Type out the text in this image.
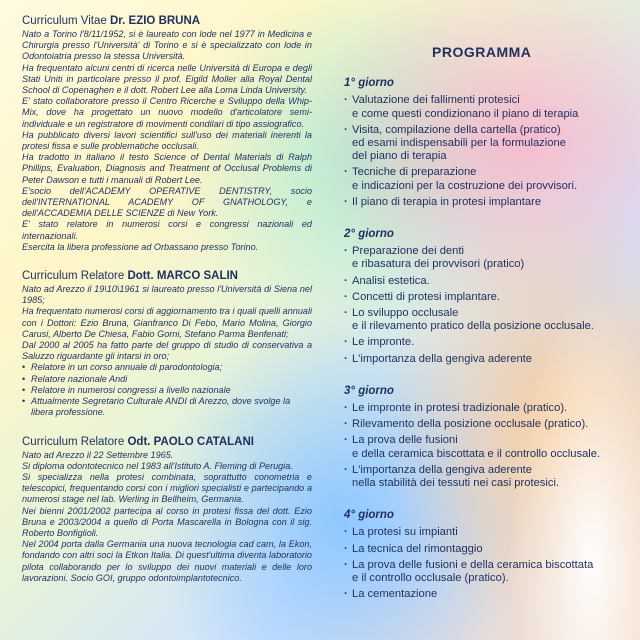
Curriculum Vitae Dr. EZIO BRUNA

Nato a Torino l'8/11/1952, si è laureato con lode nel 1977 in Medicina e Chirurgia presso l'Università' di Torino e si è specializzato con lode in Odontoiatria presso la stessa Università.

Ha frequentato alcuni centri di ricerca nelle Università di Europa e degli Stati Uniti in particolare presso il prof. Eigild Moller alla Royal Dental School di Copenaghen e il dott. Robert Lee alla Loma Linda University.

E' stato collaboratore presso il Centro Ricerche e Sviluppo della Whip-Mix, dove ha progettato un nuovo modello d'articolatore semi-individuale e un registratore di movimenti condilari di tipo assiografico.

Ha pubblicato diversi lavori scientifici sull'uso dei materiali inerenti la protesi fissa e sulle problematiche occlusali.

Ha tradotto in italiano il testo Science of Dental Materials di Ralph Phillips, Evaluation, Diagnosis and Treatment of Occlusal Problems di Peter Dawson e tutti i manuali di Robert Lee.

E'socio dell'ACADEMY OPERATIVE DENTISTRY, socio dell'INTERNATIONAL ACADEMY OF GNATHOLOGY, e dell'ACCADEMIA DELLE SCIENZE di New York.

E' stato relatore in numerosi corsi e congressi nazionali ed internazionali.

Esercita la libera professione ad Orbassano presso Torino.

Curriculum Relatore Dott. MARCO SALIN

Nato ad Arezzo il 19\10\1961 si laureato presso l'Università di Siena nel 1985;

Ha frequentato numerosi corsi di aggiornamento tra i quali quelli annuali con i Dottori: Ezio Bruna, Gianfranco Di Febo, Mario Molina, Giorgio Carusi, Alberto De Chiesa, Fabio Gorni, Stefano Parma Benfenati;

Dal 2000 al 2005 ha fatto parte del gruppo di studio di conservativa a Saluzzo riguardante gli intarsi in oro;

• Relatore in un corso annuale di parodontologia;
• Relatore nazionale Andi
• Relatore in numerosi congressi a livello nazionale
• Attualmente Segretario Culturale ANDI di Arezzo, dove svolge la libera professione.
Curriculum Relatore Odt. PAOLO CATALANI

Nato ad Arezzo il 22 Settembre 1965.

Si diploma odontotecnico nel 1983 all'Istituto A. Fleming di Perugia.

Si specializza nella protesi combinata, soprattutto conometria e telescopici, frequentando corsi con i migliori specialisti e partecipando a numerosi stage nel lab. Werling in Bellheim, Germania.

Nei bienni 2001/2002 partecipa al corso in protesi fissa del dott. Ezio Bruna e 2003/2004 a quello di Porta Mascarella in Bologna con il sig. Roberto Bonfiglioli.

Nel 2004 porta dalla Germania una nuova tecnologia cad cam, la Ekon, fondando con altri soci la Etkon Italia. Di quest'ultima diventa laboratorio pilota collaborando per lo sviluppo dei nuovi materiali e delle loro lavorazioni. Socio GOI, gruppo odontoimplantotecnico.

PROGRAMMA
1° giorno
· Valutazione dei fallimenti protesici
e come questi condizionano il piano di terapia
· Visita, compilazione della cartella (pratico)
ed esami indispensabili per la formulazione
del piano di terapia
· Tecniche di preparazione
e indicazioni per la costruzione dei provvisori.
· Il piano di terapia in protesi implantare
2° giorno
· Preparazione dei denti
e ribasatura dei provvisori (pratico)
· Analisi estetica.
· Concetti di protesi implantare.
· Lo sviluppo occlusale
e il rilevamento pratico della posizione occlusale.
· Le impronte.
· L'importanza della gengiva aderente
3° giorno
· Le impronte in protesi tradizionale (pratico).
· Rilevamento della posizione occlusale (pratico).
· La prova delle fusioni
e della ceramica biscottata e il controllo occlusale.
· L'importanza della gengiva aderente
nella stabilità dei tessuti nei casi protesici.
4° giorno
· La protesi su impianti
· La tecnica del rimontaggio
· La prova delle fusioni e della ceramica biscottata
e il controllo occlusale (pratico).
· La cementazione
